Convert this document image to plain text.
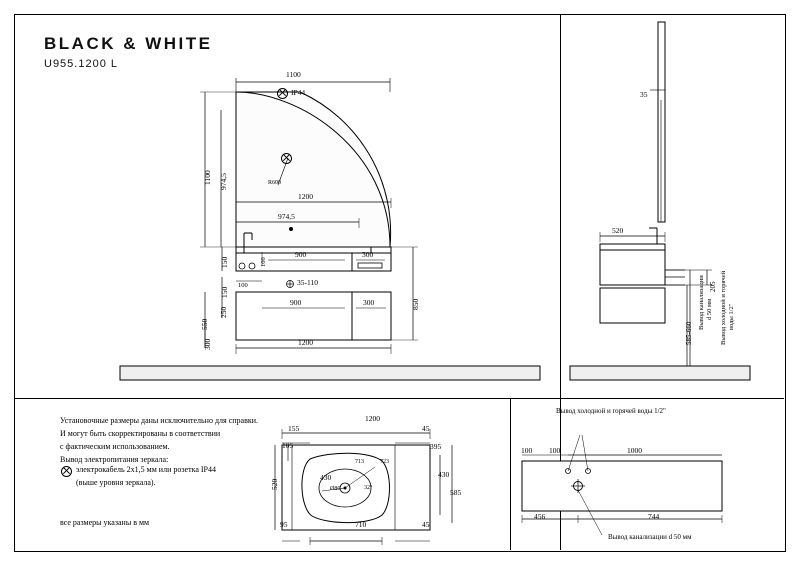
BLACK & WHITE
U955.1200 L
1100
1100 974,5	R600
IP44
1200
974,5
900	300
150
150
100
100	35-110
550
250
300
850
900	300
1200
35
520
585-660
205
Вывод канализации d 50 мм Вывод холодной и горячей воды 1/2"
Установочные размеры даны исключительно для справки.
И могут быть скорректированы в соответствии
с фактическим использованием.
Вывод электропитания зеркала:
электрокабель 2х1,5 мм или розетка IP44
(выше уровня зеркала).
все размеры указаны в мм
1200
155	45
105
520
395
430
585
95	710	45
430
713	723
Ø80	32°
Вывод холодной и горячей воды 1/2"
100 100	1000
456	744
Вывод канализации d 50 мм
